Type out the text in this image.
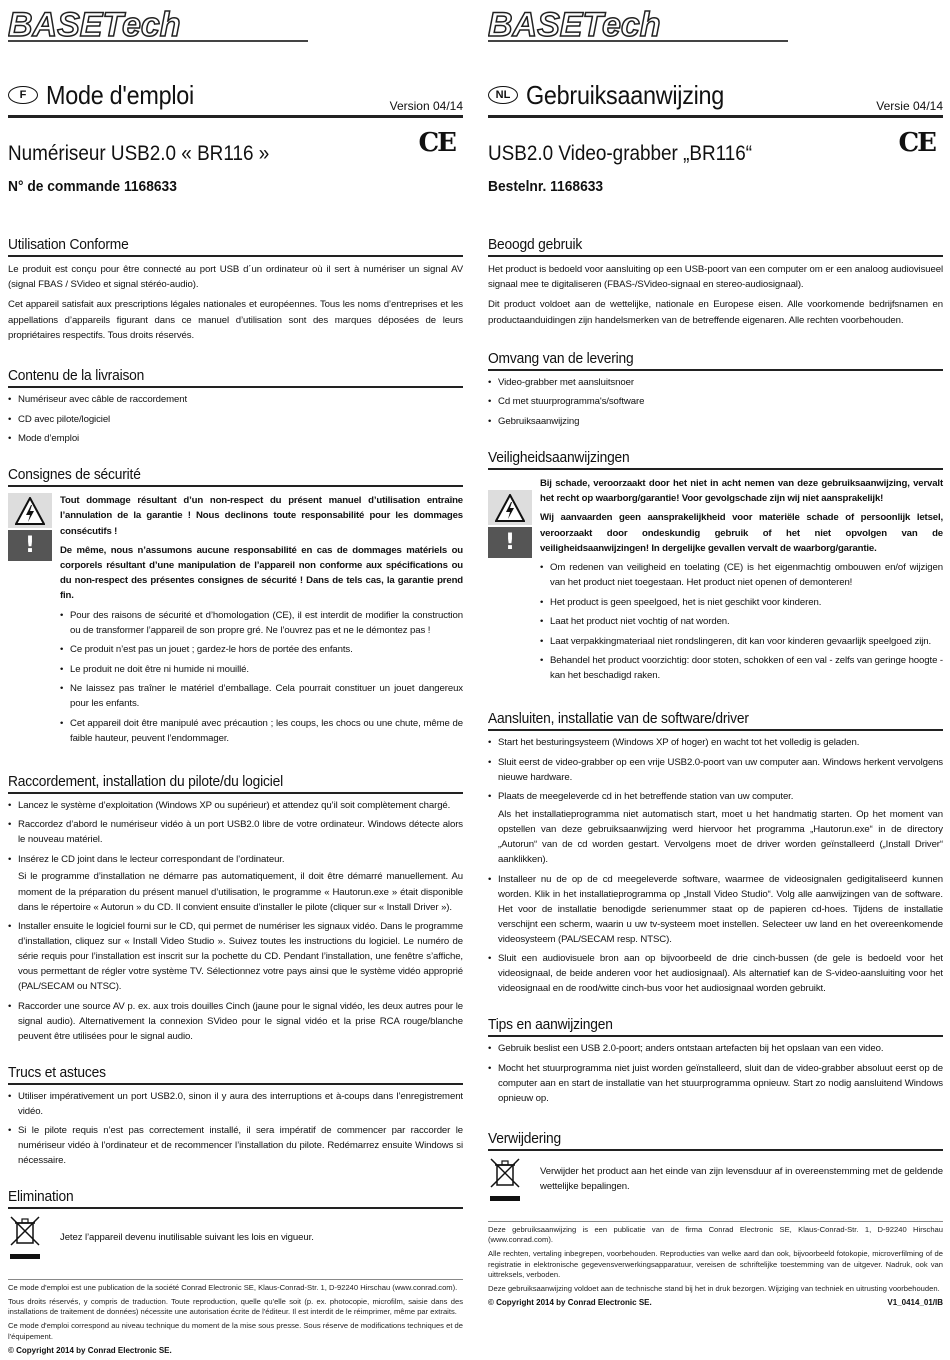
BASETech
F Mode d'emploi	Version 04/14
CE
Numériseur USB2.0 « BR116 »
N° de commande 1168633
Utilisation Conforme

Le produit est conçu pour être connecté au port USB d´un ordinateur où il sert à numériser un signal AV (signal FBAS / SVideo et signal stéréo-audio).

Cet appareil satisfait aux prescriptions légales nationales et européennes. Tous les noms d’entreprises et les appellations d’appareils figurant dans ce manuel d’utilisation sont des marques déposées de leurs propriétaires respectifs. Tous droits réservés.

Contenu de la livraison
• Numériseur avec câble de raccordement
• CD avec pilote/logiciel
• Mode d’emploi
Consignes de sécurité
!

Tout dommage résultant d’un non-respect du présent manuel d’utilisation entraîne l’annulation de la garantie ! Nous declinons toute responsabilité pour les dommages consécutifs !

De même, nous n’assumons aucune responsabilité en cas de dommages matériels ou corporels résultant d’une manipulation de l’appareil non conforme aux spécifications ou du non-respect des présentes consignes de sécurité ! Dans de tels cas, la garantie prend fin.

• Pour des raisons de sécurité et d’homologation (CE), il est interdit de modifier la construction ou de transformer l’appareil de son propre gré. Ne l’ouvrez pas et ne le démontez pas !
• Ce produit n’est pas un jouet ; gardez-le hors de portée des enfants.
• Le produit ne doit être ni humide ni mouillé.
• Ne laissez pas traîner le matériel d’emballage. Cela pourrait constituer un jouet dangereux pour les enfants.
• Cet appareil doit être manipulé avec précaution ; les coups, les chocs ou une chute, même de faible hauteur, peuvent l’endommager.
Raccordement, installation du pilote/du logiciel
• Lancez le système d’exploitation (Windows XP ou supérieur) et attendez qu’il soit complètement chargé.
• Raccordez d’abord le numériseur vidéo à un port USB2.0 libre de votre ordinateur. Windows détecte alors le nouveau matériel.
• Insérez le CD joint dans le lecteur correspondant de l’ordinateur.

Si le programme d’installation ne démarre pas automatiquement, il doit être démarré manuellement. Au moment de la préparation du présent manuel d’utilisation, le programme « Hautorun.exe » était disponible dans le répertoire « Autorun » du CD. Il convient ensuite d’installer le pilote (cliquer sur « Install Driver »).

• Installer ensuite le logiciel fourni sur le CD, qui permet de numériser les signaux vidéo. Dans le programme d’installation, cliquez sur « Install Video Studio ». Suivez toutes les instructions du logiciel. Le numéro de série requis pour l’installation est inscrit sur la pochette du CD. Pendant l’installation, une fenêtre s’affiche, vous permettant de régler votre système TV. Sélectionnez votre pays ainsi que le système vidéo approprié (PAL/SECAM ou NTSC).
• Raccorder une source AV p. ex. aux trois douilles Cinch (jaune pour le signal vidéo, les deux autres pour le signal audio). Alternativement la connexion SVideo pour le signal vidéo et la prise RCA rouge/blanche peuvent être utilisées pour le signal audio.
Trucs et astuces
• Utiliser impérativement un port USB2.0, sinon il y aura des interruptions et à-coups dans l’enregistrement vidéo.
• Si le pilote requis n’est pas correctement installé, il sera impératif de commencer par raccorder le numériseur vidéo à l’ordinateur et de recommencer l’installation du pilote. Redémarrez ensuite Windows si nécessaire.
Elimination

Jetez l’appareil devenu inutilisable suivant les lois en vigueur.

Ce mode d'emploi est une publication de la société Conrad Electronic SE, Klaus-Conrad-Str. 1, D-92240 Hirschau (www.conrad.com).

Tous droits réservés, y compris de traduction. Toute reproduction, quelle qu'elle soit (p. ex. photocopie, microfilm, saisie dans des installations de traitement de données) nécessite une autorisation écrite de l'éditeur. Il est interdit de le réimprimer, même par extraits.

Ce mode d'emploi correspond au niveau technique du moment de la mise sous presse. Sous réserve de modifications techniques et de l'équipement.

© Copyright 2014 by Conrad Electronic SE.
BASETech
NL Gebruiksaanwijzing	Versie 04/14
CE
USB2.0 Video-grabber „BR116“
Bestelnr. 1168633
Beoogd gebruik

Het product is bedoeld voor aansluiting op een USB-poort van een computer om er een analoog audiovisueel signaal mee te digitaliseren (FBAS-/SVideo-signaal en stereo-audiosignaal).

Dit product voldoet aan de wettelijke, nationale en Europese eisen. Alle voorkomende bedrijfsnamen en productaanduidingen zijn handelsmerken van de betreffende eigenaren. Alle rechten voorbehouden.

Omvang van de levering
• Video-grabber met aansluitsnoer
• Cd met stuurprogramma's/software
• Gebruiksaanwijzing
Veiligheidsaanwijzingen
!

Bij schade, veroorzaakt door het niet in acht nemen van deze gebruiksaanwijzing, vervalt het recht op waarborg/garantie! Voor gevolgschade zijn wij niet aansprakelijk!

Wij aanvaarden geen aansprakelijkheid voor materiële schade of persoonlijk letsel, veroorzaakt door ondeskundig gebruik of het niet opvolgen van de veiligheidsaanwijzingen! In dergelijke gevallen vervalt de waarborg/garantie.

• Om redenen van veiligheid en toelating (CE) is het eigenmachtig ombouwen en/of wijzigen van het product niet toegestaan. Het product niet openen of demonteren!
• Het product is geen speelgoed, het is niet geschikt voor kinderen.
• Laat het product niet vochtig of nat worden.
• Laat verpakkingmateriaal niet rondslingeren, dit kan voor kinderen gevaarlijk speelgoed zijn.
• Behandel het product voorzichtig: door stoten, schokken of een val - zelfs van geringe hoogte - kan het beschadigd raken.
Aansluiten, installatie van de software/driver
• Start het besturingsysteem (Windows XP of hoger) en wacht tot het volledig is geladen.
• Sluit eerst de video-grabber op een vrije USB2.0-poort van uw computer aan. Windows herkent vervolgens nieuwe hardware.
• Plaats de meegeleverde cd in het betreffende station van uw computer.

Als het installatieprogramma niet automatisch start, moet u het handmatig starten. Op het moment van opstellen van deze gebruiksaanwijzing werd hiervoor het programma „Hautorun.exe“ in de directory „Autorun“ van de cd worden gestart. Vervolgens moet de driver worden geïnstalleerd („Install Driver“ aanklikken).

• Installeer nu de op de cd meegeleverde software, waarmee de videosignalen gedigitaliseerd kunnen worden. Klik in het installatieprogramma op „Install Video Studio“. Volg alle aanwijzingen van de software. Het voor de installatie benodigde serienummer staat op de papieren cd-hoes. Tijdens de installatie verschijnt een scherm, waarin u uw tv-systeem moet instellen. Selecteer uw land en het overeenkomende videosysteem (PAL/SECAM resp. NTSC).
• Sluit een audiovisuele bron aan op bijvoorbeeld de drie cinch-bussen (de gele is bedoeld voor het videosignaal, de beide anderen voor het audiosignaal). Als alternatief kan de S-video-aansluiting voor het videosignaal en de rood/witte cinch-bus voor het audiosignaal worden gebruikt.
Tips en aanwijzingen
• Gebruik beslist een USB 2.0-poort; anders ontstaan artefacten bij het opslaan van een video.
• Mocht het stuurprogramma niet juist worden geïnstalleerd, sluit dan de video-grabber absoluut eerst op de computer aan en start de installatie van het stuurprogramma opnieuw. Start zo nodig aansluitend Windows opnieuw op.
Verwijdering

Verwijder het product aan het einde van zijn levensduur af in overeenstemming met de geldende wettelijke bepalingen.

Deze gebruiksaanwijzing is een publicatie van de firma Conrad Electronic SE, Klaus-Conrad-Str. 1, D-92240 Hirschau (www.conrad.com).

Alle rechten, vertaling inbegrepen, voorbehouden. Reproducties van welke aard dan ook, bijvoorbeeld fotokopie, microverfilming of de registratie in elektronische gegevensverwerkingsapparatuur, vereisen de schriftelijke toestemming van de uitgever. Nadruk, ook van uittreksels, verboden.

Deze gebruiksaanwijzing voldoet aan de technische stand bij het in druk bezorgen. Wijziging van techniek en uitrusting voorbehouden.

© Copyright 2014 by Conrad Electronic SE.	V1_0414_01/IB
